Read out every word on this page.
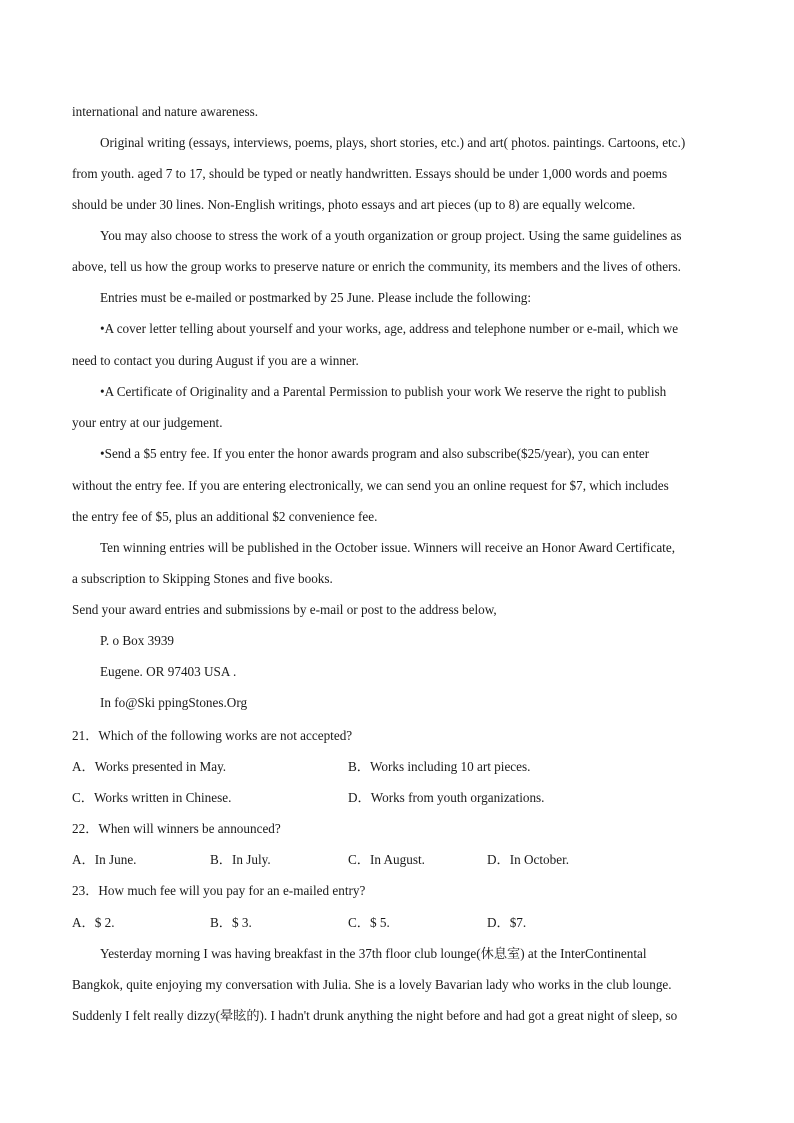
international and nature awareness.
Original writing (essays, interviews, poems, plays, short stories, etc.) and art( photos. paintings. Cartoons, etc.)
from youth. aged 7 to 17, should be typed or neatly handwritten. Essays should be under 1,000 words and poems
should be under 30 lines. Non-English writings, photo essays and art pieces (up to 8) are equally welcome.
You may also choose to stress the work of a youth organization or group project. Using the same guidelines as
above, tell us how the group works to preserve nature or enrich the community, its members and the lives of others.
Entries must be e-mailed or postmarked by 25 June. Please include the following:
•A cover letter telling about yourself and your works, age, address and telephone number or e-mail, which we
need to contact you during August if you are a winner.
•A Certificate of Originality and a Parental Permission to publish your work We reserve the right to publish
your entry at our judgement.
•Send a $5 entry fee. If you enter the honor awards program and also subscribe($25/year), you can enter
without the entry fee. If you are entering electronically, we can send you an online request for $7, which includes
the entry fee of $5, plus an additional $2 convenience fee.
Ten winning entries will be published in the October issue. Winners will receive an Honor Award Certificate,
a subscription to Skipping Stones and five books.
Send your award entries and submissions by e-mail or post to the address below,
P. o Box 3939
Eugene. OR 97403 USA .
In fo@Ski ppingStones.Org
21．Which of the following works are not accepted?
A．Works presented in May.	B．Works including 10 art pieces.
C．Works written in Chinese.	D．Works from youth organizations.
22．When will winners be announced?
A．In June.	B．In July.	C．In August.	D．In October.
23．How much fee will you pay for an e-mailed entry?
A．$ 2.	B．$ 3.	C．$ 5.	D．$7.
Yesterday morning I was having breakfast in the 37th floor club lounge(休息室) at the InterContinental
Bangkok, quite enjoying my conversation with Julia. She is a lovely Bavarian lady who works in the club lounge.
Suddenly I felt really dizzy(晕眩的). I hadn't drunk anything the night before and had got a great night of sleep, so
